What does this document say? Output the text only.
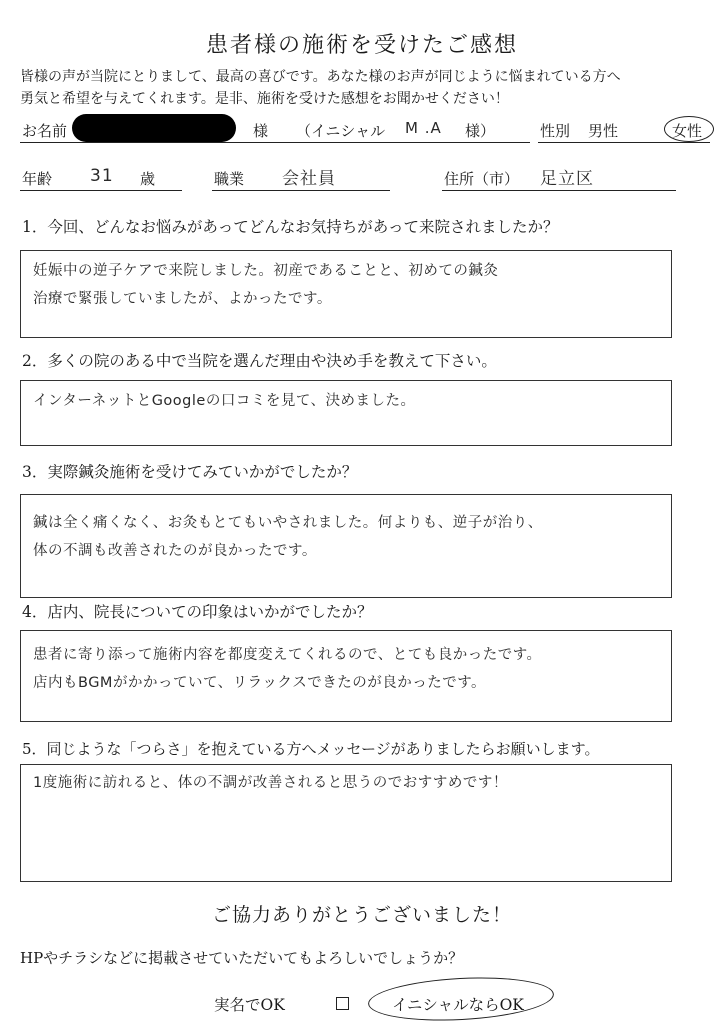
患者様の施術を受けたご感想
皆様の声が当院にとりまして、最高の喜びです。あなた様のお声が同じように悩まれている方へ
勇気と希望を与えてくれます。是非、施術を受けた感想をお聞かせください！
お名前	様 （イニシャル M .A 様）	性別 男性	女性
年齢 31 歳	職業 会社員	住所（市） 足立区
1．今回、どんなお悩みがあってどんなお気持ちがあって来院されましたか？
妊娠中の逆子ケアで来院しました。初産であることと、初めての鍼灸
治療で緊張していましたが、よかったです。
2．多くの院のある中で当院を選んだ理由や決め手を教えて下さい。
インターネットとGoogleの口コミを見て、決めました。
3．実際鍼灸施術を受けてみていかがでしたか？
鍼は全く痛くなく、お灸もとてもいやされました。何よりも、逆子が治り、
体の不調も改善されたのが良かったです。
4．店内、院長についての印象はいかがでしたか？
患者に寄り添って施術内容を都度変えてくれるので、とても良かったです。
店内もBGMがかかっていて、リラックスできたのが良かったです。
5．同じような「つらさ」を抱えている方へメッセージがありましたらお願いします。
1度施術に訪れると、体の不調が改善されると思うのでおすすめです！
ご協力ありがとうございました！
HPやチラシなどに掲載させていただいてもよろしいでしょうか？
実名でOK	イニシャルならOK
